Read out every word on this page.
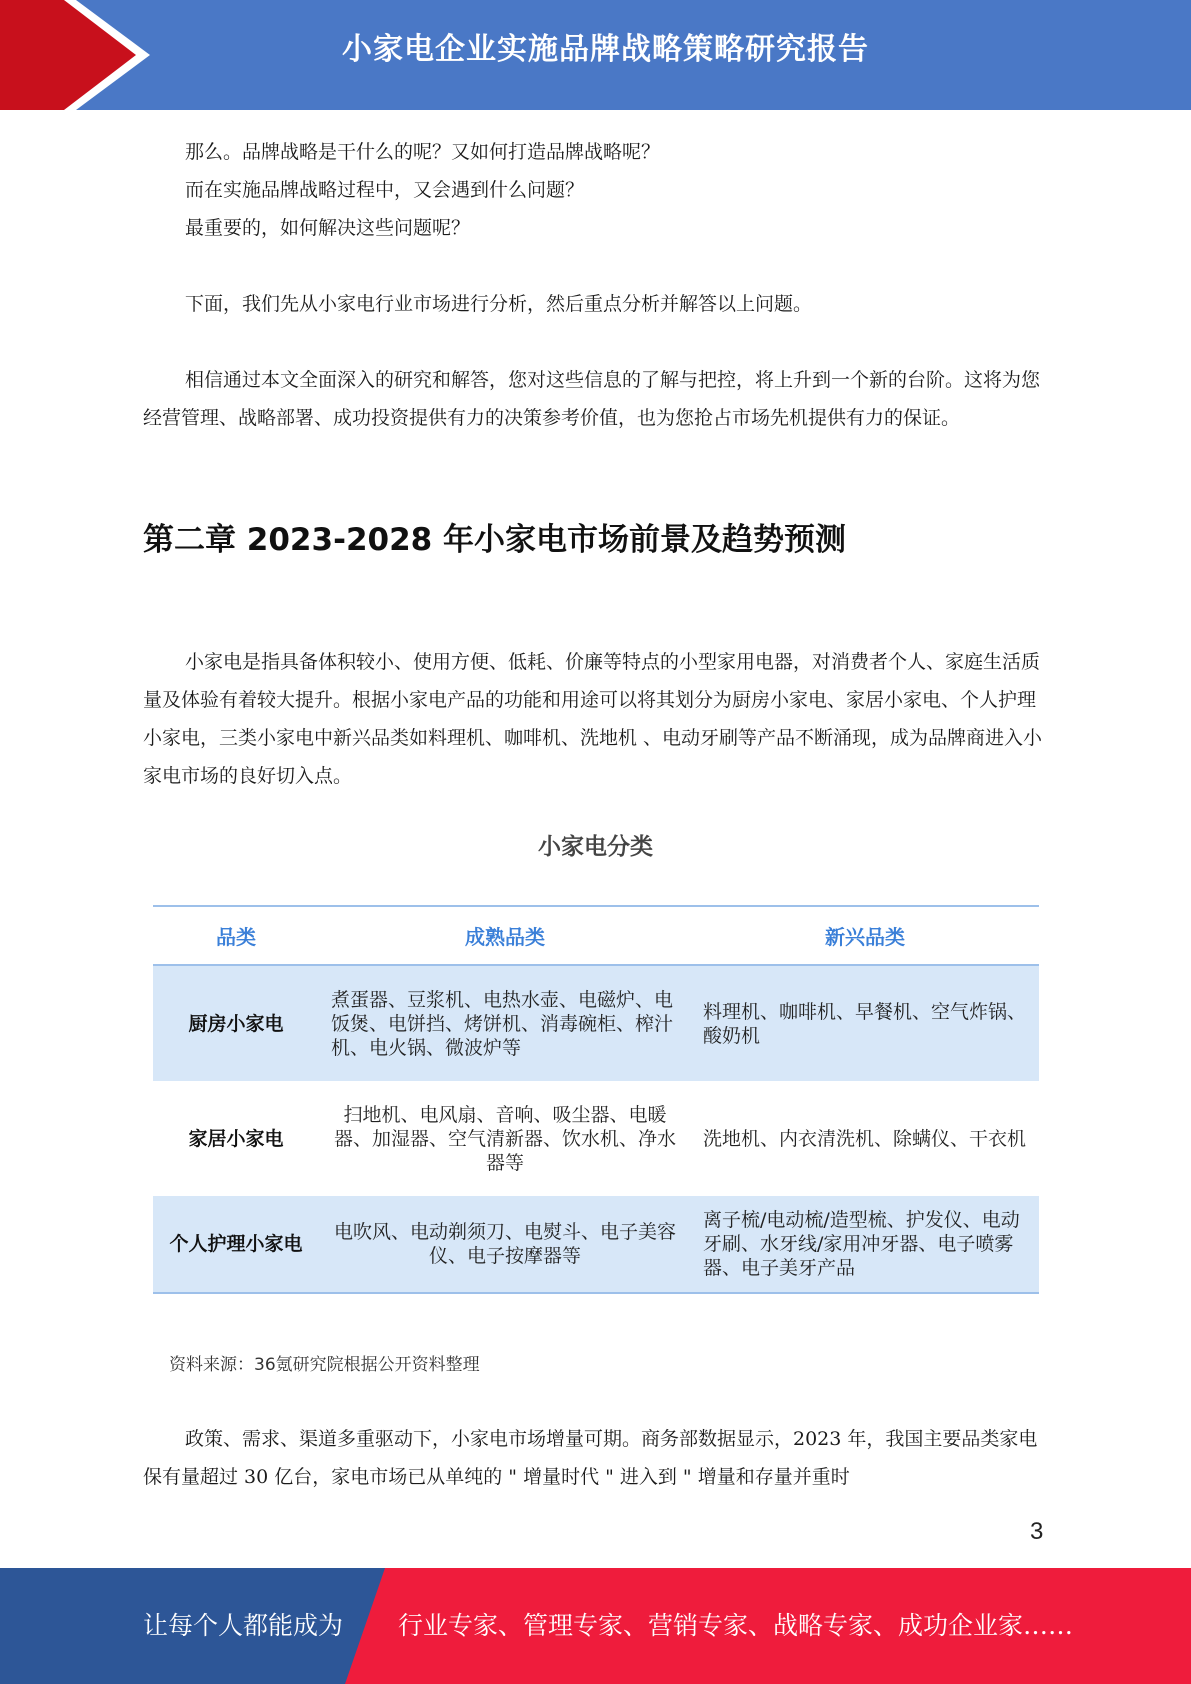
小家电企业实施品牌战略策略研究报告

那么。品牌战略是干什么的呢？又如何打造品牌战略呢？

而在实施品牌战略过程中，又会遇到什么问题？

最重要的，如何解决这些问题呢？

下面，我们先从小家电行业市场进行分析，然后重点分析并解答以上问题。

相信通过本文全面深入的研究和解答，您对这些信息的了解与把控，将上升到一个新的台阶。这将为您经营管理、战略部署、成功投资提供有力的决策参考价值，也为您抢占市场先机提供有力的保证。

第二章 2023-2028 年小家电市场前景及趋势预测

小家电是指具备体积较小、使用方便、低耗、价廉等特点的小型家用电器，对消费者个人、家庭生活质量及体验有着较大提升。根据小家电产品的功能和用途可以将其划分为厨房小家电、家居小家电、个人护理小家电，三类小家电中新兴品类如料理机、咖啡机、洗地机 、电动牙刷等产品不断涌现，成为品牌商进入小家电市场的良好切入点。

小家电分类
品类	成熟品类	新兴品类
厨房小家电	煮蛋器、豆浆机、电热水壶、电磁炉、电饭煲、电饼挡、烤饼机、消毒碗柜、榨汁机、电火锅、微波炉等	料理机、咖啡机、早餐机、空气炸锅、酸奶机
家居小家电	扫地机、电风扇、音响、吸尘器、电暖器、加湿器、空气清新器、饮水机、净水器等	洗地机、内衣清洗机、除螨仪、干衣机
个人护理小家电	电吹风、电动剃须刀、电熨斗、电子美容仪、电子按摩器等	离子梳/电动梳/造型梳、护发仪、电动牙刷、水牙线/家用冲牙器、电子喷雾器、电子美牙产品
资料来源：36氪研究院根据公开资料整理

政策、需求、渠道多重驱动下，小家电市场增量可期。商务部数据显示，2023 年，我国主要品类家电保有量超过 30 亿台，家电市场已从单纯的 " 增量时代 " 进入到 " 增量和存量并重时

3
让每个人都能成为 行业专家、管理专家、营销专家、战略专家、成功企业家……
